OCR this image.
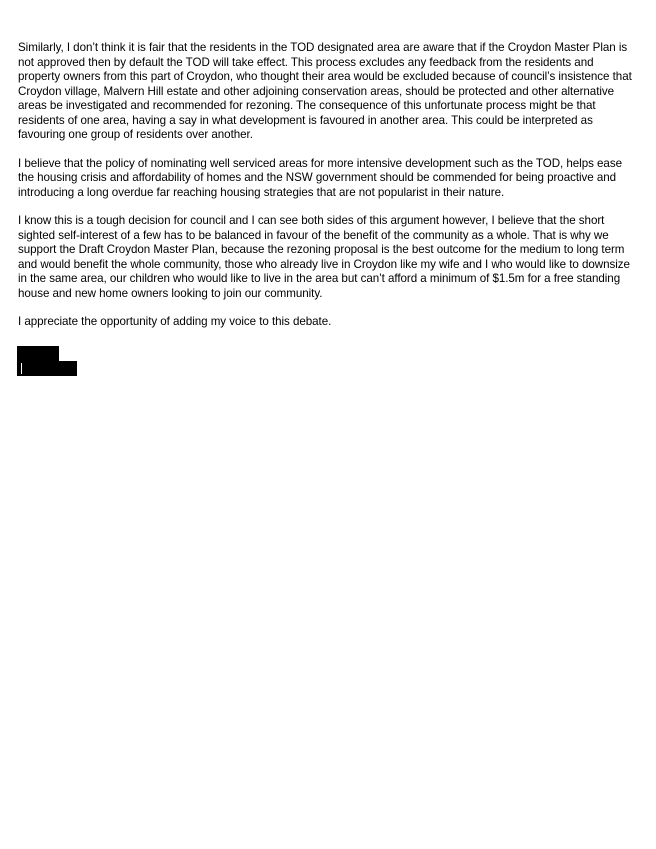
Similarly, I don’t think it is fair that the residents in the TOD designated area are aware that if the Croydon Master Plan is not approved then by default the TOD will take effect. This process excludes any feedback from the residents and property owners from this part of Croydon, who thought their area would be excluded because of council’s insistence that Croydon village, Malvern Hill estate and other adjoining conservation areas, should be protected and other alternative areas be investigated and recommended for rezoning. The consequence of this unfortunate process might be that residents of one area, having a say in what development is favoured in another area. This could be interpreted as favouring one group of residents over another.

I believe that the policy of nominating well serviced areas for more intensive development such as the TOD, helps ease the housing crisis and affordability of homes and the NSW government should be commended for being proactive and introducing a long overdue far reaching housing strategies that are not popularist in their nature.

I know this is a tough decision for council and I can see both sides of this argument however, I believe that the short sighted self-interest of a few has to be balanced in favour of the benefit of the community as a whole. That is why we support the Draft Croydon Master Plan, because the rezoning proposal is the best outcome for the medium to long term and would benefit the whole community, those who already live in Croydon like my wife and I who would like to downsize in the same area, our children who would like to live in the area but can’t afford a minimum of $1.5m for a free standing house and new home owners looking to join our community.

I appreciate the opportunity of adding my voice to this debate.
